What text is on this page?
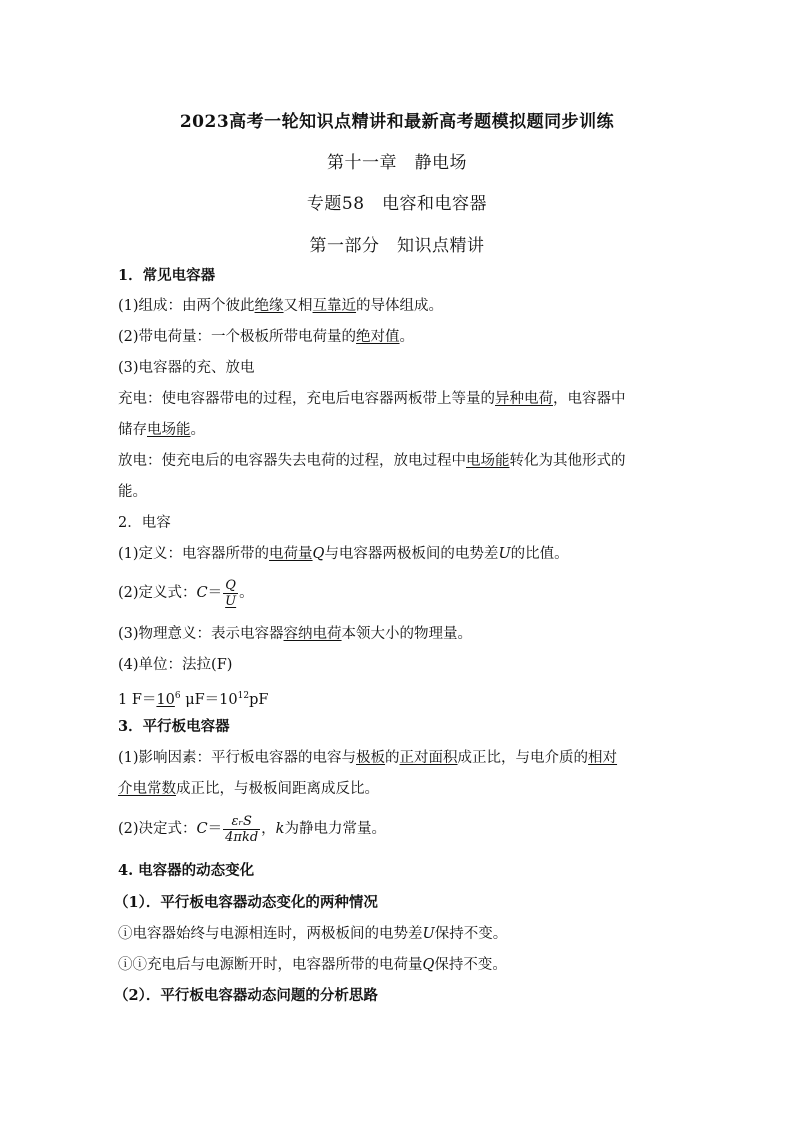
2023高考一轮知识点精讲和最新高考题模拟题同步训练
第十一章　静电场
专题58　电容和电容器
第一部分　知识点精讲
1．常见电容器
(1)组成：由两个彼此绝缘又相互靠近的导体组成。
(2)带电荷量：一个极板所带电荷量的绝对值。
(3)电容器的充、放电
充电：使电容器带电的过程，充电后电容器两板带上等量的异种电荷，电容器中
储存电场能。
放电：使充电后的电容器失去电荷的过程，放电过程中电场能转化为其他形式的
能。
2．电容
(1)定义：电容器所带的电荷量Q与电容器两极板间的电势差U的比值。
(2)定义式：$C= \frac{Q}{U}$ 。
(3)物理意义：表示电容器容纳电荷本领大小的物理量。
(4)单位：法拉(F)
1 $F=10^6$ $\mu F=10^{12}pF$
3．平行板电容器
(1)影响因素：平行板电容器的电容与极板的正对面积成正比，与电介质的相对
介电常数成正比，与极板间距离成反比。
(2)决定式：$C= \frac{\text{εᵣS}}{\text{4πkd}}$ ，k为静电力常量。
4. 电容器的动态变化
（1）．平行板电容器动态变化的两种情况
ⓘ电容器始终与电源相连时，两极板间的电势差U保持不变。
ⓘⓘ充电后与电源断开时，电容器所带的电荷量Q保持不变。
（2）．平行板电容器动态问题的分析思路
